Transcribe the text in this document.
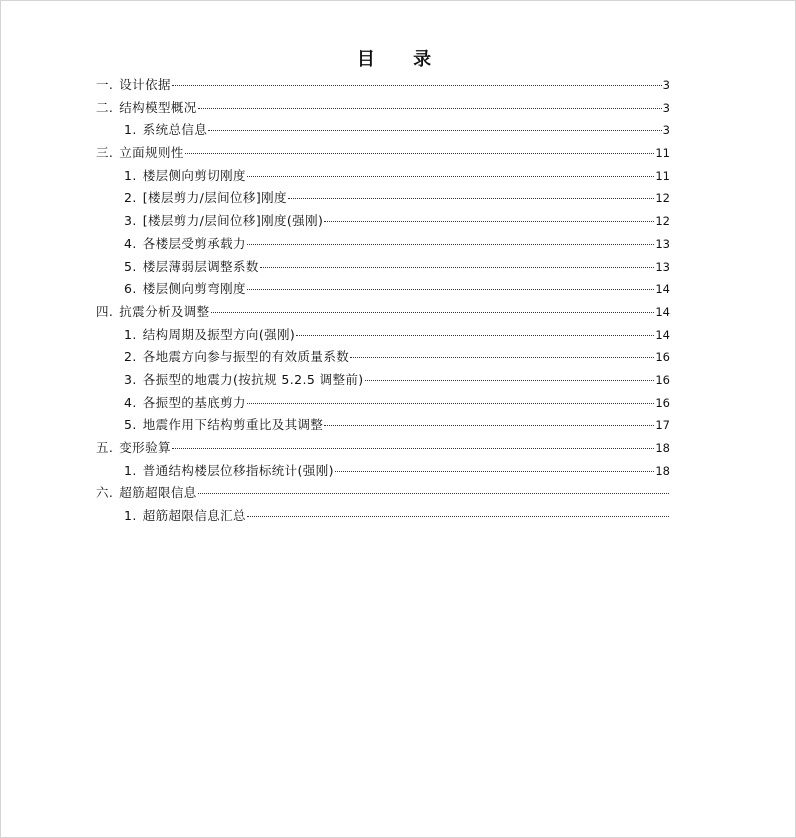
目 录
一. 设计依据	3
二. 结构模型概况	3
1. 系统总信息	3
三. 立面规则性	11
1. 楼层侧向剪切刚度	11
2. [楼层剪力/层间位移]刚度	12
3. [楼层剪力/层间位移]刚度(强刚)	12
4. 各楼层受剪承载力	13
5. 楼层薄弱层调整系数	13
6. 楼层侧向剪弯刚度	14
四. 抗震分析及调整	14
1. 结构周期及振型方向(强刚)	14
2. 各地震方向参与振型的有效质量系数	16
3. 各振型的地震力(按抗规 5.2.5 调整前)	16
4. 各振型的基底剪力	16
5. 地震作用下结构剪重比及其调整	17
五. 变形验算	18
1. 普通结构楼层位移指标统计(强刚)	18
六. 超筋超限信息
1. 超筋超限信息汇总
